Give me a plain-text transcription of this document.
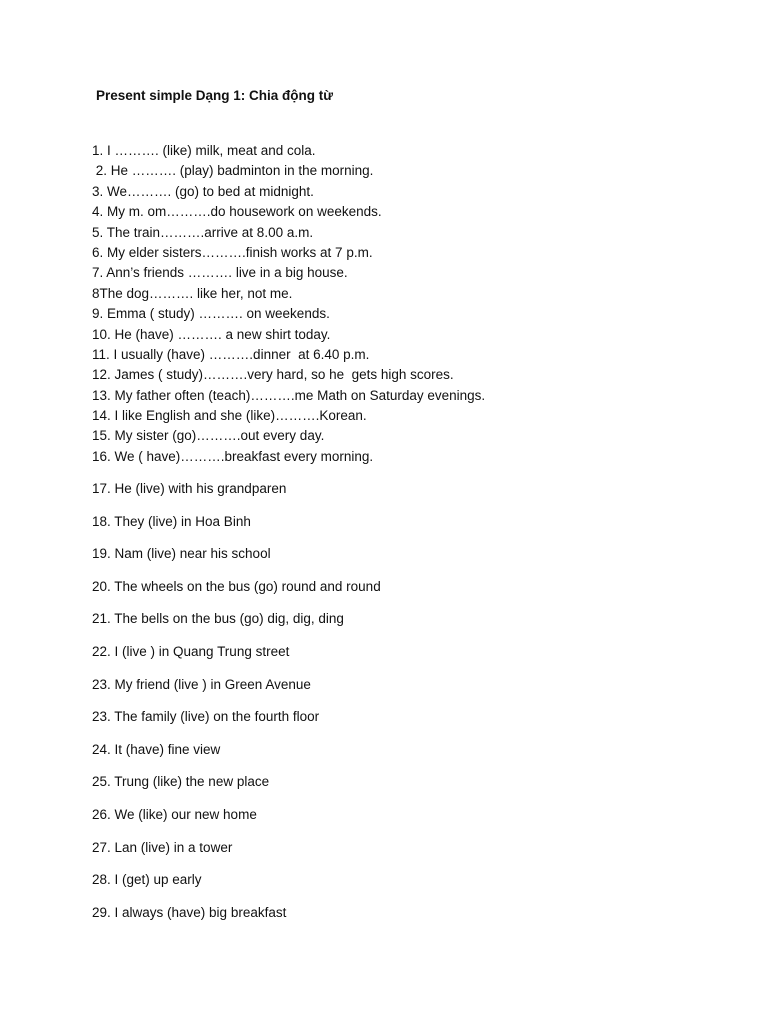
Present simple Dạng 1: Chia động từ
1. I ………. (like) milk, meat and cola.
2. He ………. (play) badminton in the morning.
3. We………. (go) to bed at midnight.
4. My m. om……….do housework on weekends.
5. The train……….arrive at 8.00 a.m.
6. My elder sisters……….finish works at 7 p.m.
7. Ann’s friends ………. live in a big house.
8The dog………. like her, not me.
9. Emma ( study) ………. on weekends.
10. He (have) ………. a new shirt today.
11. I usually (have) ……….dinner  at 6.40 p.m.
12. James ( study)……….very hard, so he  gets high scores.
13. My father often (teach)……….me Math on Saturday evenings.
14. I like English and she (like)……….Korean.
15. My sister (go)……….out every day.
16. We ( have)……….breakfast every morning.
17. He (live) with his grandparen
18. They (live) in Hoa Binh
19. Nam (live) near his school
20. The wheels on the bus (go) round and round
21. The bells on the bus (go) dig, dig, ding
22. I (live ) in Quang Trung street
23. My friend (live ) in Green Avenue
23. The family (live) on the fourth floor
24. It (have) fine view
25. Trung (like) the new place
26. We (like) our new home
27. Lan (live) in a tower
28. I (get) up early
29. I always (have) big breakfast
